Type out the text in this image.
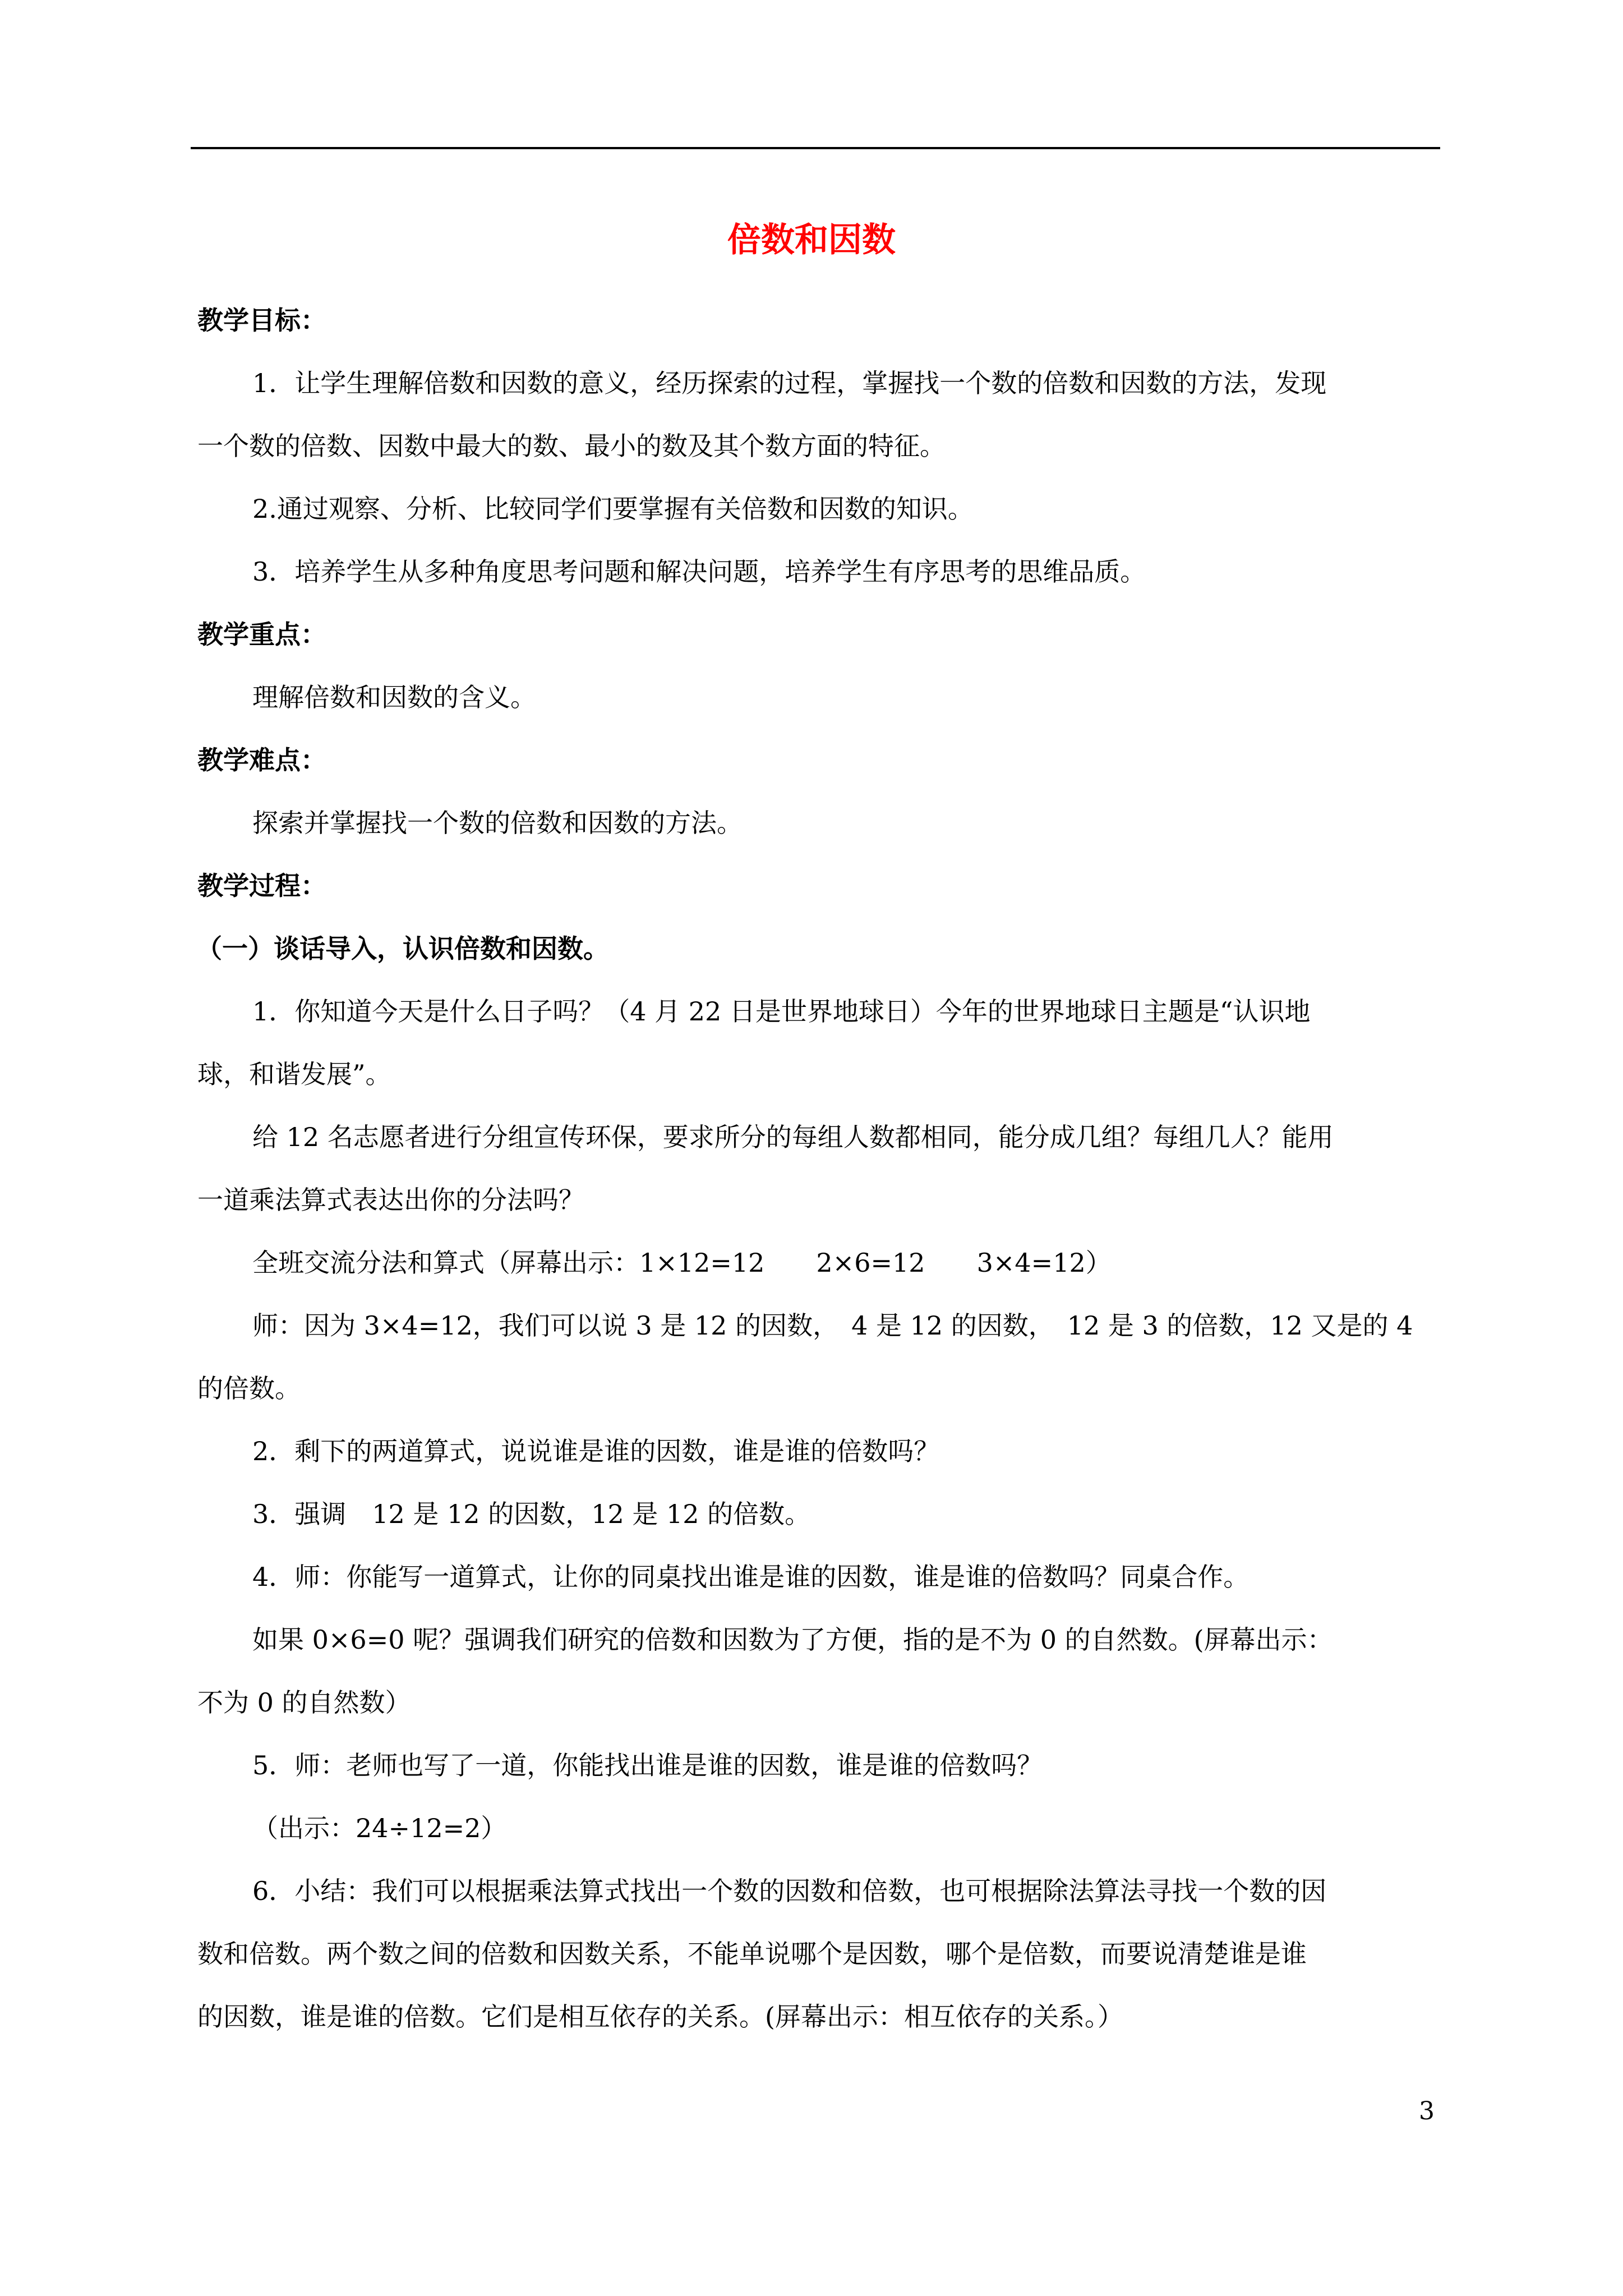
倍数和因数
教学目标：
1．让学生理解倍数和因数的意义，经历探索的过程，掌握找一个数的倍数和因数的方法，发现
一个数的倍数、因数中最大的数、最小的数及其个数方面的特征。
2.通过观察、分析、比较同学们要掌握有关倍数和因数的知识。
3．培养学生从多种角度思考问题和解决问题，培养学生有序思考的思维品质。
教学重点：
理解倍数和因数的含义。
教学难点：
探索并掌握找一个数的倍数和因数的方法。
教学过程：
（一）谈话导入，认识倍数和因数。
1．你知道今天是什么日子吗？（4 月 22 日是世界地球日）今年的世界地球日主题是“认识地
球，和谐发展”。
给 12 名志愿者进行分组宣传环保，要求所分的每组人数都相同，能分成几组？每组几人？能用
一道乘法算式表达出你的分法吗？
全班交流分法和算式（屏幕出示：1×12=12　　2×6=12　　3×4=12）
师：因为 3×4=12，我们可以说 3 是 12 的因数，　4 是 12 的因数，　12 是 3 的倍数，12 又是的 4
的倍数。
2．剩下的两道算式，说说谁是谁的因数，谁是谁的倍数吗？
3．强调　12 是 12 的因数，12 是 12 的倍数。
4．师：你能写一道算式，让你的同桌找出谁是谁的因数，谁是谁的倍数吗？同桌合作。
如果 0×6=0 呢？强调我们研究的倍数和因数为了方便，指的是不为 0 的自然数。(屏幕出示：
不为 0 的自然数）
5．师：老师也写了一道，你能找出谁是谁的因数，谁是谁的倍数吗？
（出示：24÷12=2）
6．小结：我们可以根据乘法算式找出一个数的因数和倍数，也可根据除法算法寻找一个数的因
数和倍数。两个数之间的倍数和因数关系，不能单说哪个是因数，哪个是倍数，而要说清楚谁是谁
的因数，谁是谁的倍数。它们是相互依存的关系。(屏幕出示：相互依存的关系。）
3
